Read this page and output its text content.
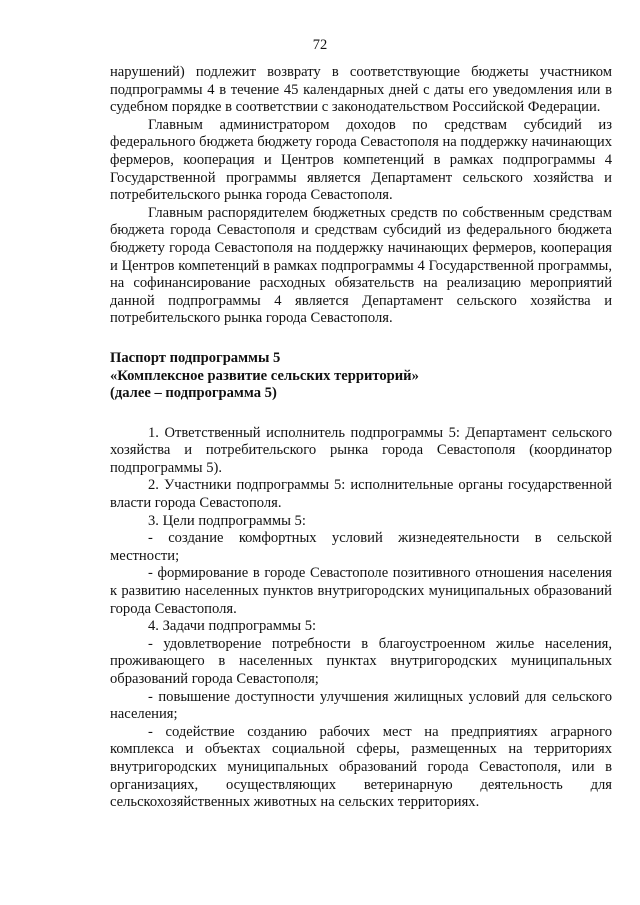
72

нарушений) подлежит возврату в соответствующие бюджеты участником подпрограммы 4 в течение 45 календарных дней с даты его уведомления или в судебном порядке в соответствии с законодательством Российской Федерации.

Главным администратором доходов по средствам субсидий из федерального бюджета бюджету города Севастополя на поддержку начинающих фермеров, кооперация и Центров компетенций в рамках подпрограммы 4 Государственной программы является Департамент сельского хозяйства и потребительского рынка города Севастополя.

Главным распорядителем бюджетных средств по собственным средствам бюджета города Севастополя и средствам субсидий из федерального бюджета бюджету города Севастополя на поддержку начинающих фермеров, кооперация и Центров компетенций в рамках подпрограммы 4 Государственной программы, на софинансирование расходных обязательств на реализацию мероприятий данной подпрограммы 4 является Департамент сельского хозяйства и потребительского рынка города Севастополя.

Паспорт подпрограммы 5

«Комплексное развитие сельских территорий»

(далее – подпрограмма 5)

1. Ответственный исполнитель подпрограммы 5: Департамент сельского хозяйства и потребительского рынка города Севастополя (координатор подпрограммы 5).

2. Участники подпрограммы 5: исполнительные органы государственной власти города Севастополя.

3. Цели подпрограммы 5:

- создание комфортных условий жизнедеятельности в сельской местности;

- формирование в городе Севастополе позитивного отношения населения к развитию населенных пунктов внутригородских муниципальных образований города Севастополя.

4. Задачи подпрограммы 5:

- удовлетворение потребности в благоустроенном жилье населения, проживающего в населенных пунктах внутригородских муниципальных образований города Севастополя;

- повышение доступности улучшения жилищных условий для сельского населения;

- содействие созданию рабочих мест на предприятиях аграрного комплекса и объектах социальной сферы, размещенных на территориях внутригородских муниципальных образований города Севастополя, или в организациях, осуществляющих ветеринарную деятельность для сельскохозяйственных животных на сельских территориях.
